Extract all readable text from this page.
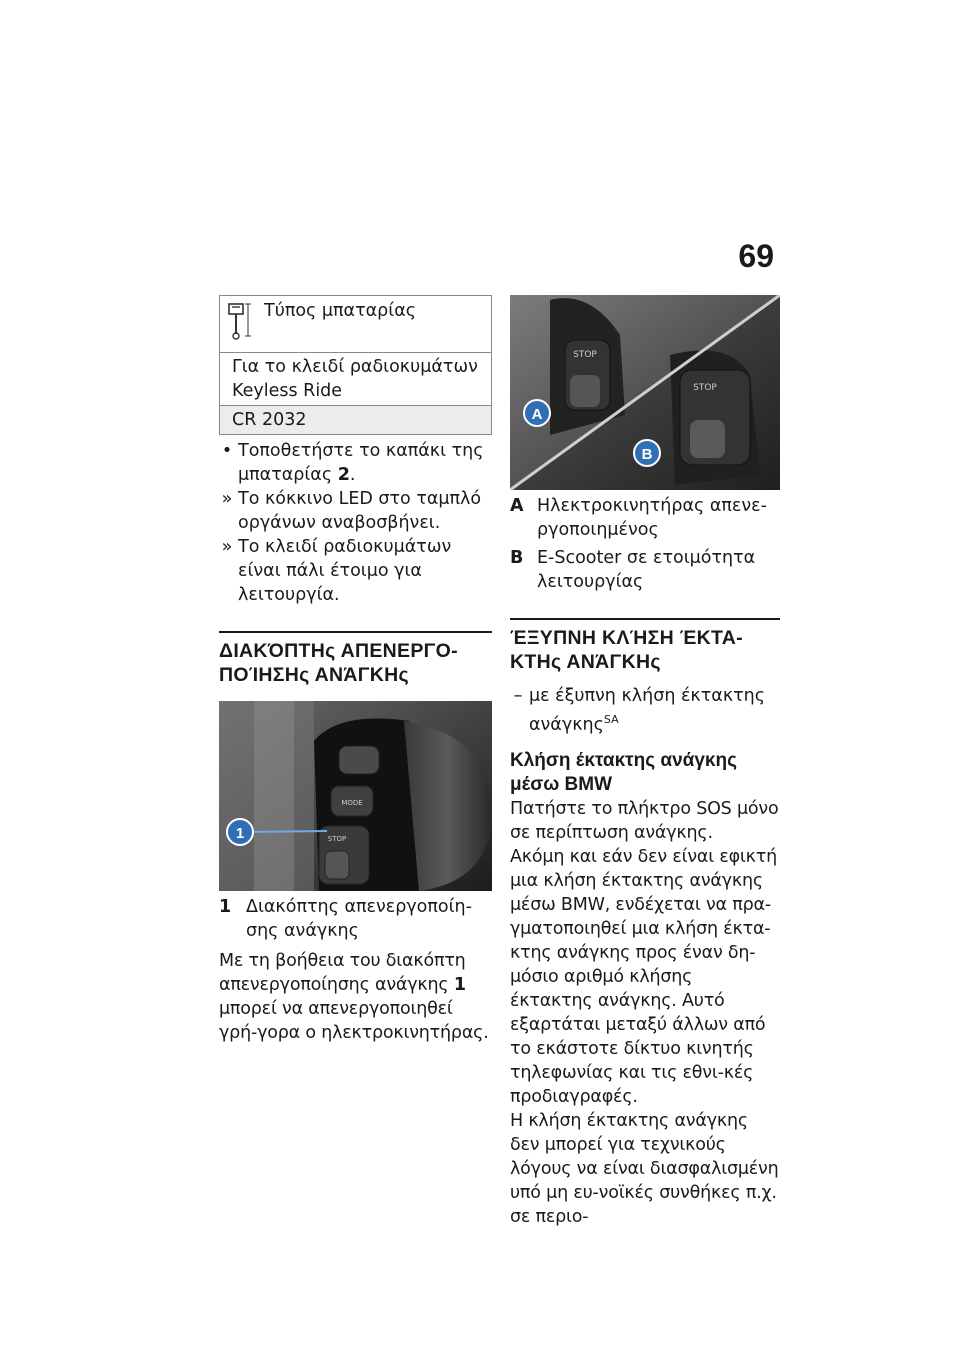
69
Τύπος μπαταρίας

Για το κλειδί ραδιοκυμάτων Keyless Ride
CR 2032
• Τοποθετήστε το καπάκι της μπαταρίας 2.
» Το κόκκινο LED στο ταμπλό οργάνων αναβοσβήνει.
» Το κλειδί ραδιοκυμάτων είναι πάλι έτοιμο για λειτουργία.
ΔΙΑΚΌΠΤΗς ΑΠΕΝΕΡΓΟ-ΠΟΊΗΣΗς ΑΝΆΓΚΗς
MODE
STOP
1
1 Διακόπτης απενεργοποίη-σης ανάγκης
Με τη βοήθεια του διακόπτη απενεργοποίησης ανάγκης 1 μπορεί να απενεργοποιηθεί γρή-γορα ο ηλεκτροκινητήρας.
STOP
STOP
A
B
A Ηλεκτροκινητήρας απενε-ργοποιημένος
B E-Scooter σε ετοιμότητα λειτουργίας
ΈΞΥΠΝΗ ΚΛΉΣΗ ΈΚΤΑ-ΚΤΗς ΑΝΆΓΚΗς
– με έξυπνη κλήση έκτακτης ανάγκης$^{SA}$
Κλήση έκτακτης ανάγκης μέσω BMW
Πατήστε το πλήκτρο SOS μόνο σε περίπτωση ανάγκης.
Ακόμη και εάν δεν είναι εφικτή μια κλήση έκτακτης ανάγκης μέσω BMW, ενδέχεται να πρα-γματοποιηθεί μια κλήση έκτα-κτης ανάγκης προς έναν δη-μόσιο αριθμό κλήσης έκτακτης ανάγκης. Αυτό εξαρτάται μεταξύ άλλων από το εκάστοτε δίκτυο κινητής τηλεφωνίας και τις εθνι-κές προδιαγραφές.
Η κλήση έκτακτης ανάγκης δεν μπορεί για τεχνικούς λόγους να είναι διασφαλισμένη υπό μη ευ-νοϊκές συνθήκες π.χ. σε περιο-
